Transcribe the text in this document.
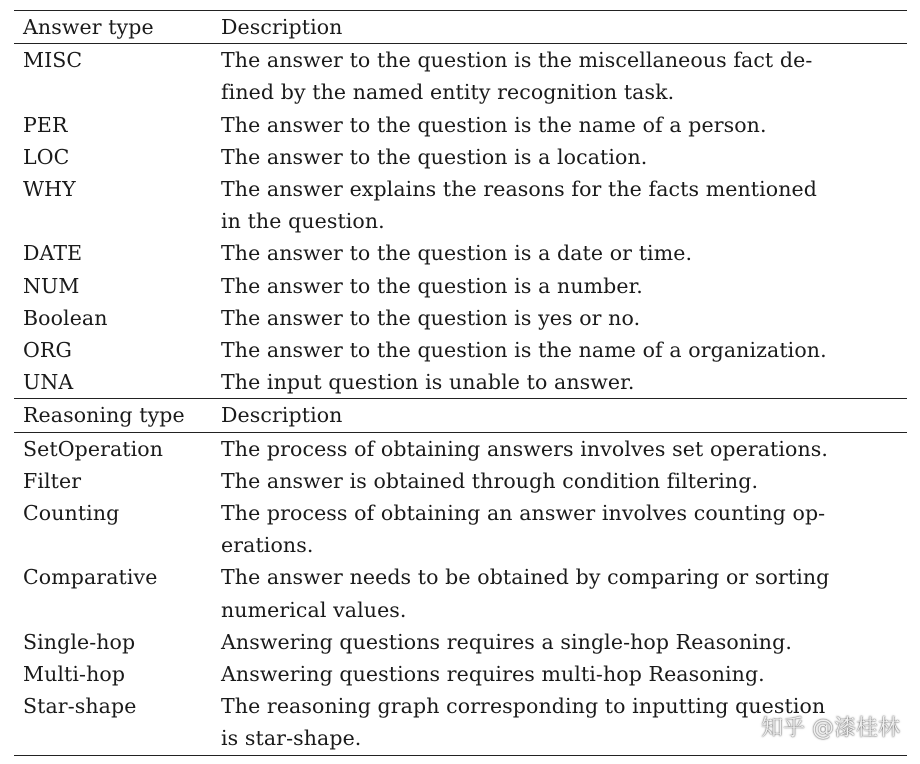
Answer type	Description
MISC	The answer to the question is the miscellaneous fact de-
fined by the named entity recognition task.

PER	The answer to the question is the name of a person.

LOC	The answer to the question is a location.

WHY	The answer explains the reasons for the facts mentioned
in the question.

DATE	The answer to the question is a date or time.

NUM	The answer to the question is a number.

Boolean	The answer to the question is yes or no.

ORG	The answer to the question is the name of a organization.

UNA	The input question is unable to answer.

Reasoning type	Description
SetOperation	The process of obtaining answers involves set operations.

Filter	The answer is obtained through condition filtering.

Counting	The process of obtaining an answer involves counting op-
erations.

Comparative	The answer needs to be obtained by comparing or sorting
numerical values.

Single-hop	Answering questions requires a single-hop Reasoning.

Multi-hop	Answering questions requires multi-hop Reasoning.

Star-shape	The reasoning graph corresponding to inputting question
is star-shape.	知乎 @漆桂林
